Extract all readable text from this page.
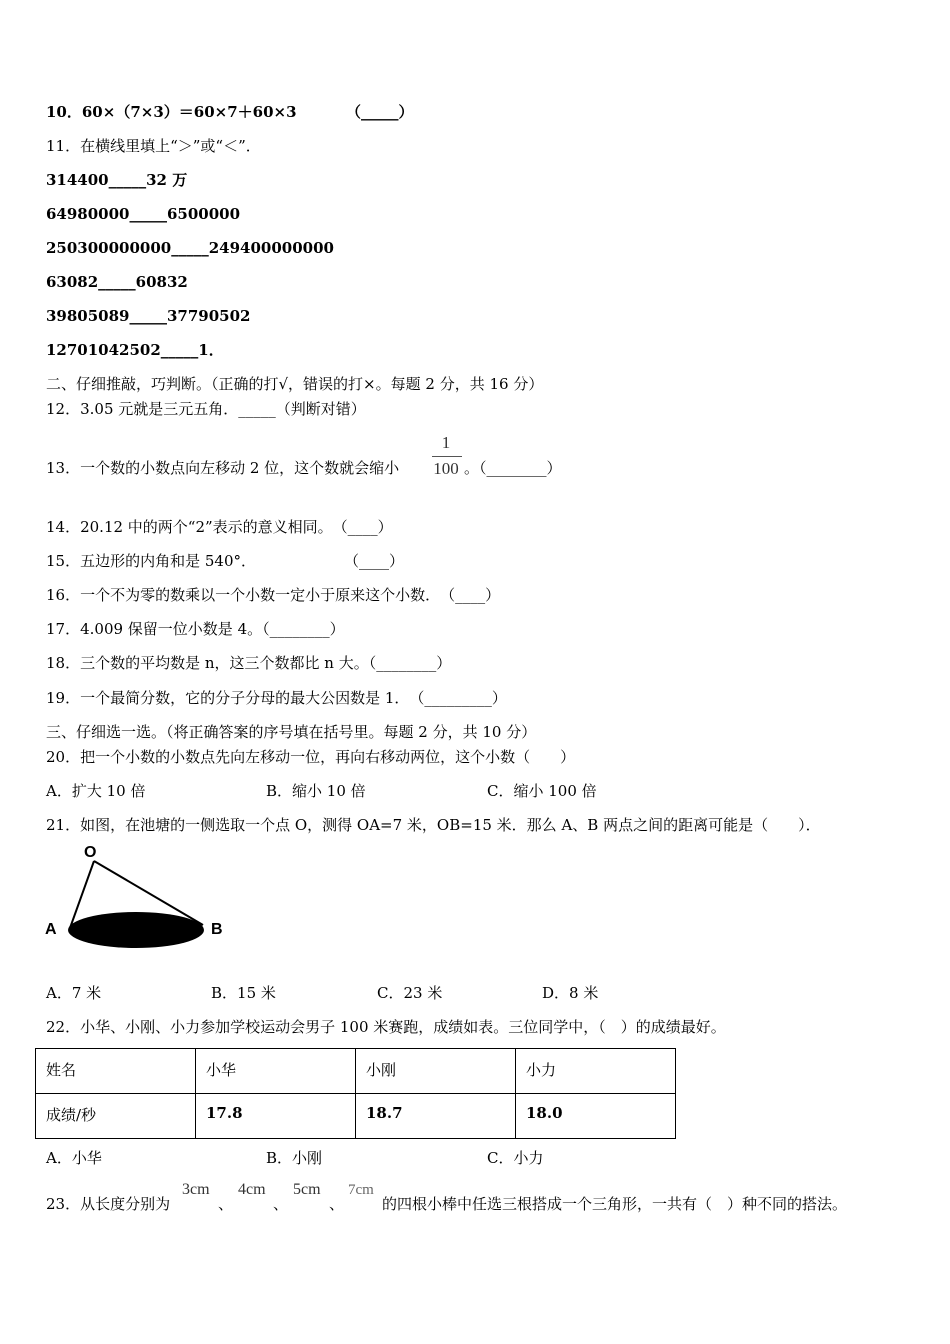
10．60×（7×3）＝60×7＋60×3	（_____）
11．在横线里填上“＞”或“＜”．
314400_____32 万
64980000_____6500000
250300000000_____249400000000
63082_____60832
39805089_____37790502
12701042502_____1．
二、仔细推敲，巧判断。（正确的打√，错误的打×。每题 2 分，共 16 分）
12．3.05 元就是三元五角．_____（判断对错）
13．一个数的小数点向左移动 2 位，这个数就会缩小
1
100 。（________）
14．20.12 中的两个“2”表示的意义相同。　（____）
15．五边形的内角和是 540°．	（____）
16．一个不为零的数乘以一个小数一定小于原来这个小数．　（____）
17．4.009 保留一位小数是 4。（________）
18．三个数的平均数是 n，这三个数都比 n 大。（________）
19．一个最简分数，它的分子分母的最大公因数是 1．　（_________）
三、仔细选一选。（将正确答案的序号填在括号里。每题 2 分，共 10 分）
20．把一个小数的小数点先向左移动一位，再向右移动两位，这个小数（　　）
A．扩大 10 倍	B．缩小 10 倍	C．缩小 100 倍
21．如图，在池塘的一侧选取一个点 O，测得 OA=7 米，OB=15 米．那么 A、B 两点之间的距离可能是（　　）．
O
A	B
A．7 米	B．15 米	C．23 米	D．8 米
22．小华、小刚、小力参加学校运动会男子 100 米赛跑，成绩如表。三位同学中，（　）的成绩最好。
姓名	小华	小刚	小力
成绩/秒	17.8	18.7	18.0
A．小华	B．小刚	C．小力
23．从长度分别为
3cm
、
4cm
、
5cm
、
7cm
的四根小棒中任选三根搭成一个三角形，一共有（　）种不同的搭法。
